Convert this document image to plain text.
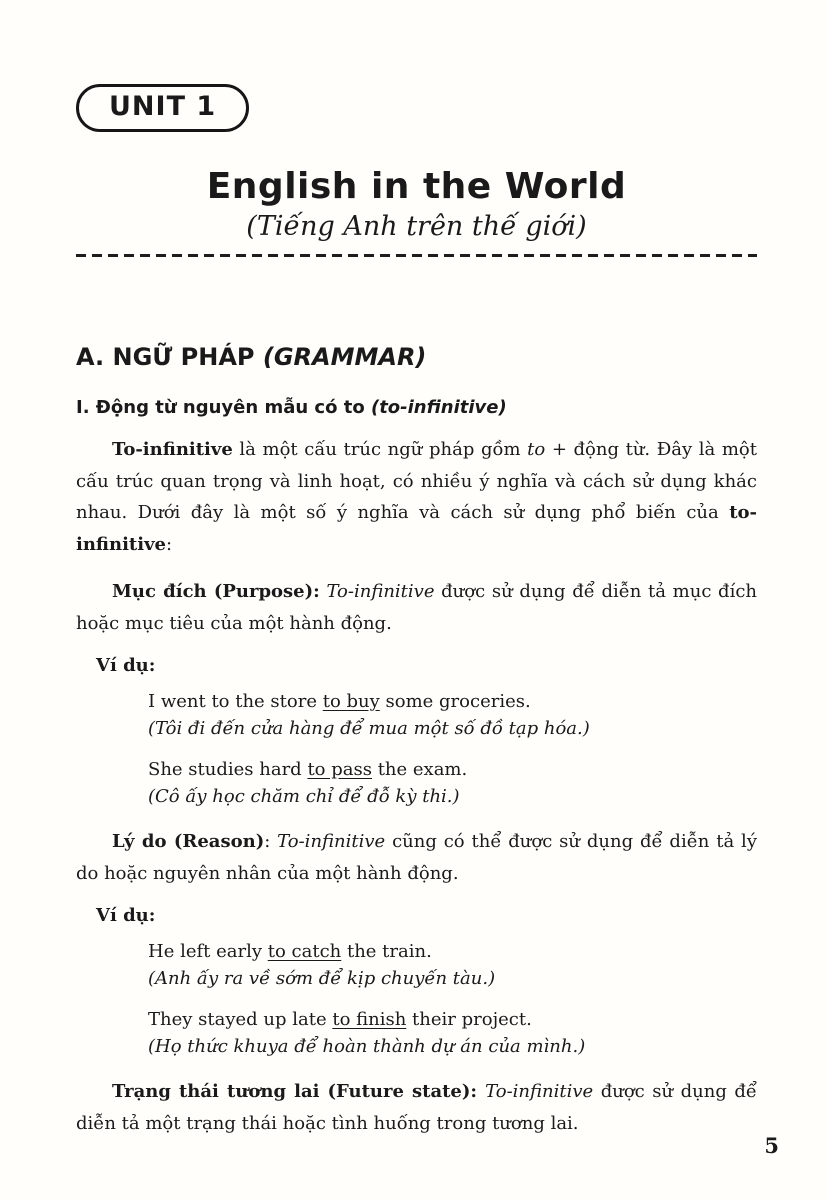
UNIT 1
English in the World
(Tiếng Anh trên thế giới)
A. NGỮ PHÁP (GRAMMAR)
I. Động từ nguyên mẫu có to (to-infinitive)

To-infinitive là một cấu trúc ngữ pháp gồm to + động từ. Đây là một cấu trúc quan trọng và linh hoạt, có nhiều ý nghĩa và cách sử dụng khác nhau. Dưới đây là một số ý nghĩa và cách sử dụng phổ biến của to-infinitive:

Mục đích (Purpose): To-infinitive được sử dụng để diễn tả mục đích hoặc mục tiêu của một hành động.

Ví dụ:

I went to the store to buy some groceries.

(Tôi đi đến cửa hàng để mua một số đồ tạp hóa.)

She studies hard to pass the exam.

(Cô ấy học chăm chỉ để đỗ kỳ thi.)

Lý do (Reason): To-infinitive cũng có thể được sử dụng để diễn tả lý do hoặc nguyên nhân của một hành động.

Ví dụ:

He left early to catch the train.

(Anh ấy ra về sớm để kịp chuyến tàu.)

They stayed up late to finish their project.

(Họ thức khuya để hoàn thành dự án của mình.)

Trạng thái tương lai (Future state): To-infinitive được sử dụng để diễn tả một trạng thái hoặc tình huống trong tương lai.

5
